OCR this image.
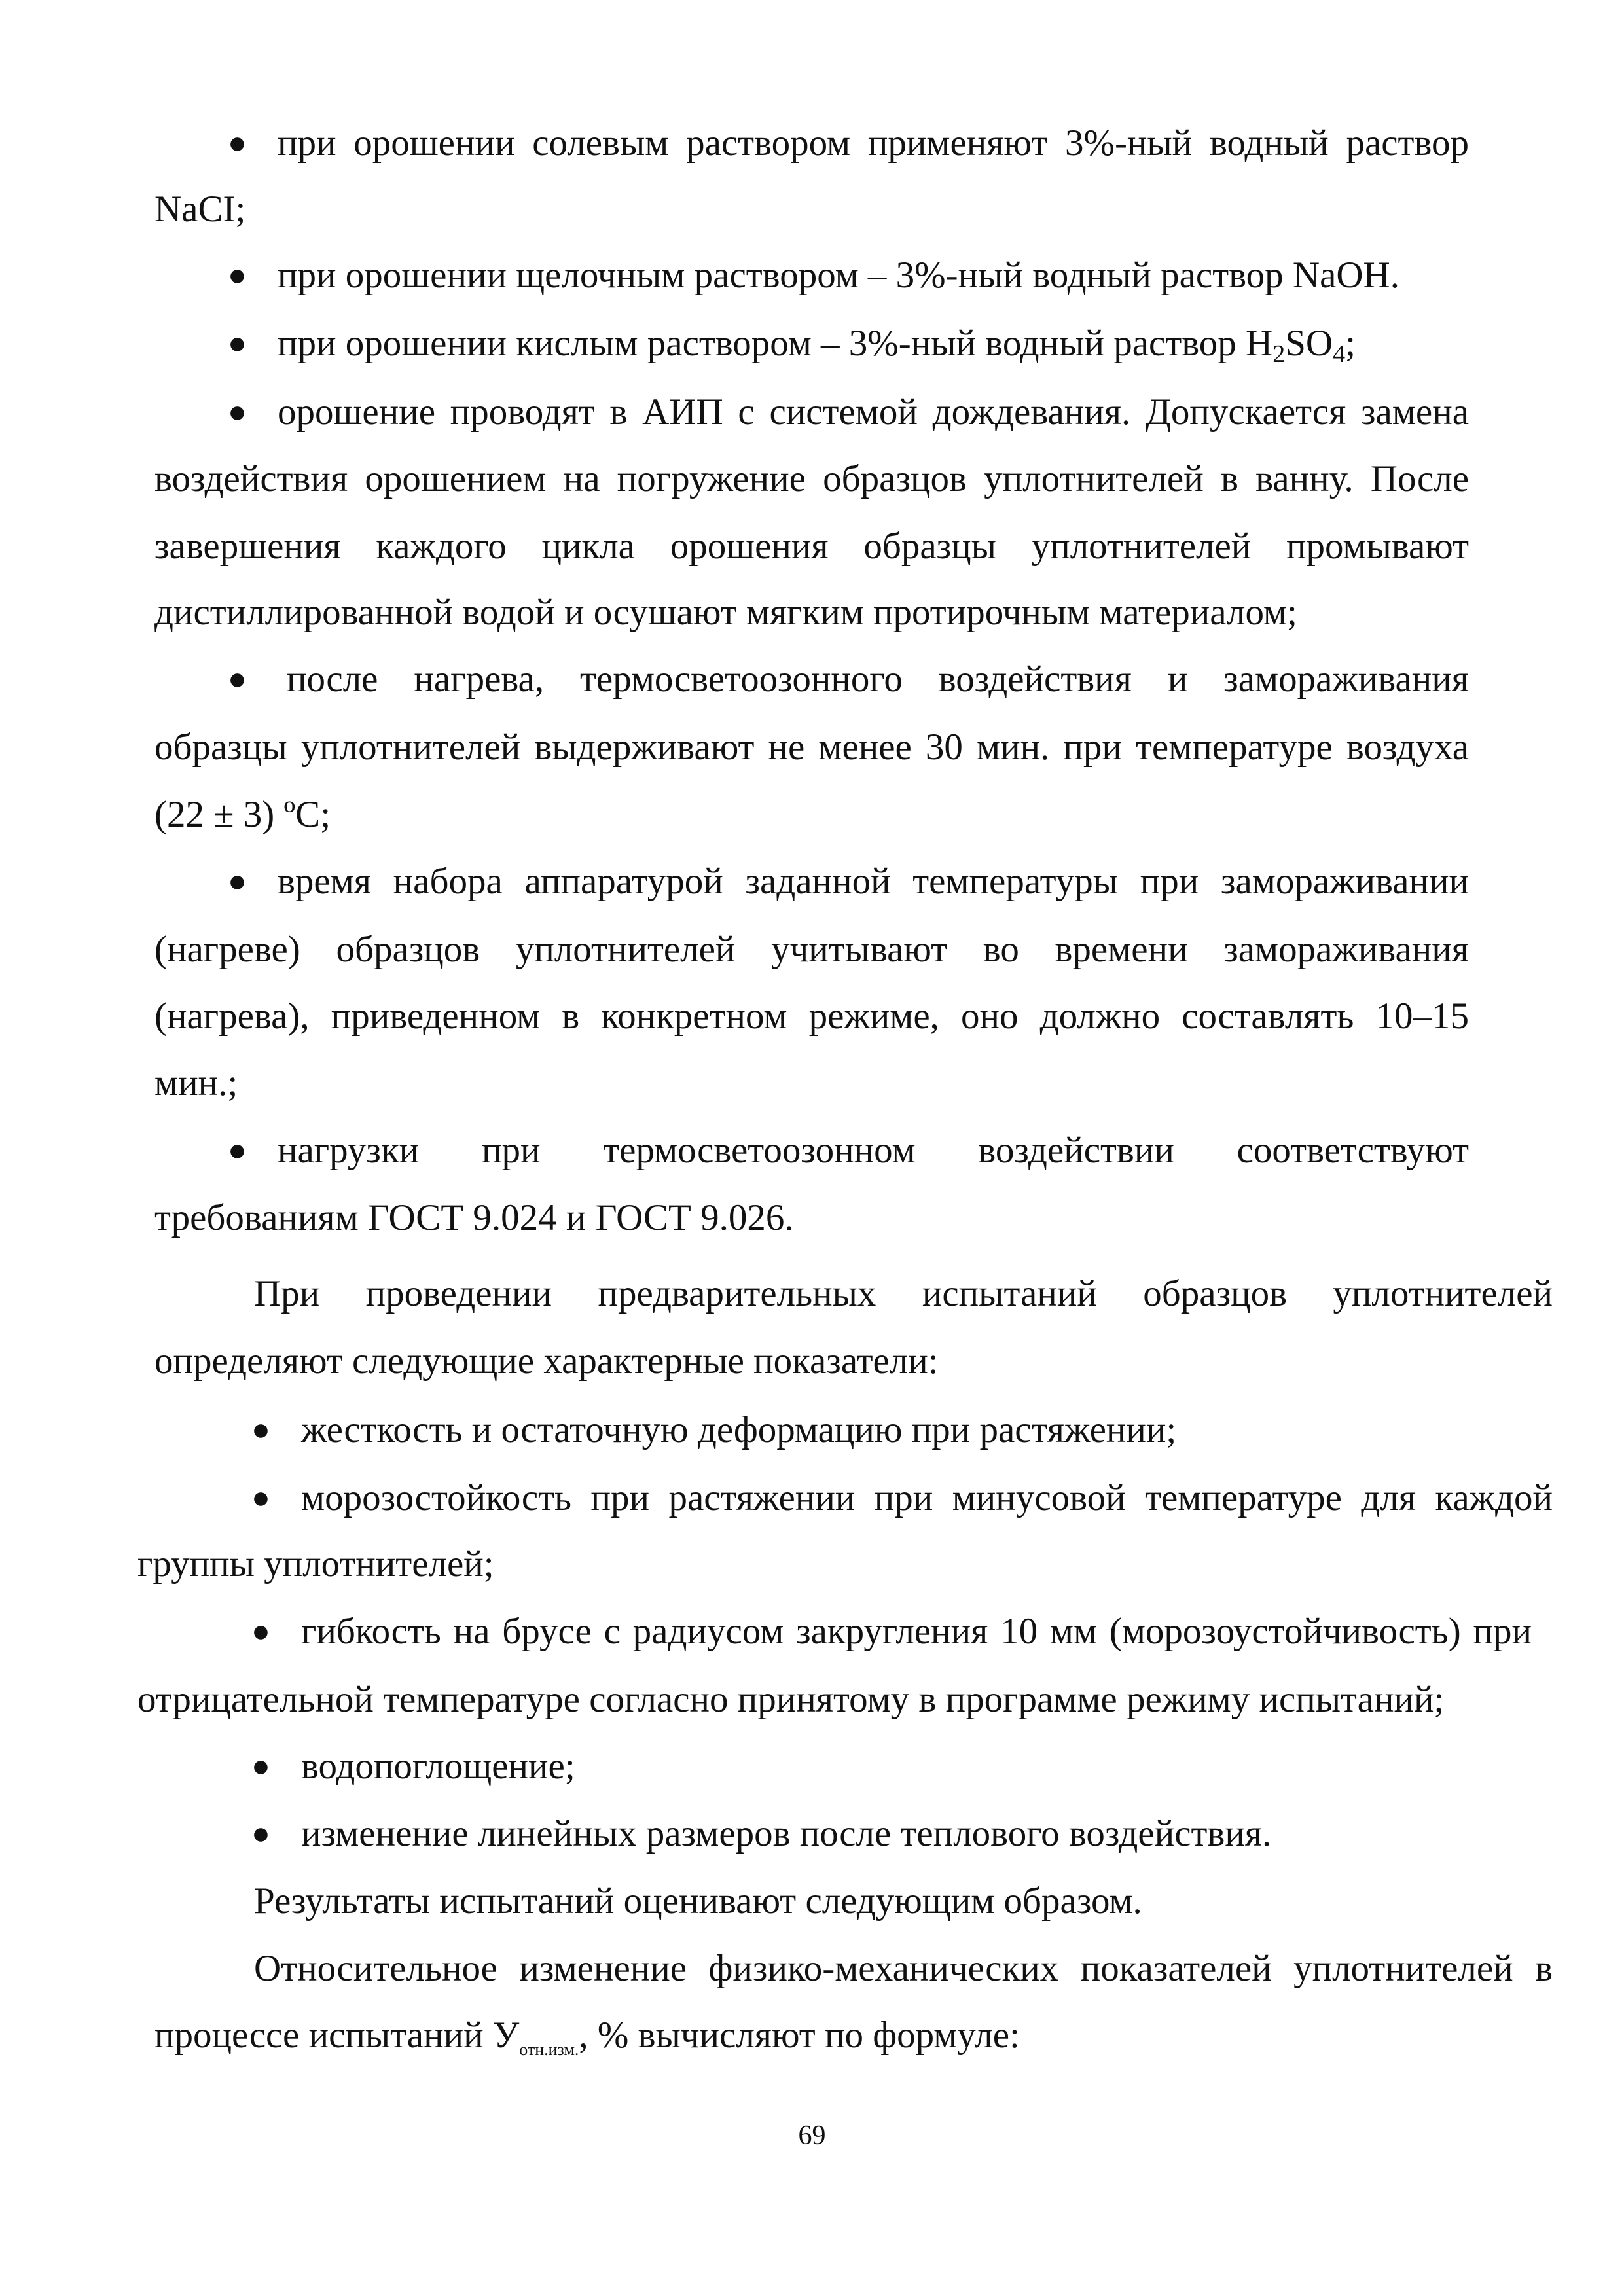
● при орошении солевым раствором применяют 3%-ный водный раствор
NaCI;
● при орошении щелочным раствором – 3%-ный водный раствор NaOH.
● при орошении кислым раствором – 3%-ный водный раствор $H_2SO_4$;
● орошение проводят в АИП с системой дождевания. Допускается замена
воздействия орошением на погружение образцов уплотнителей в ванну. После
завершения каждого цикла орошения образцы уплотнителей промывают
дистиллированной водой и осушают мягким протирочным материалом;
● после нагрева, термосветоозонного воздействия и замораживания
образцы уплотнителей выдерживают не менее 30 мин. при температуре воздуха
(22 ± 3) ºС;
● время набора аппаратурой заданной температуры при замораживании
(нагреве) образцов уплотнителей учитывают во времени замораживания
(нагрева), приведенном в конкретном режиме, оно должно составлять 10–15
мин.;
● нагрузки при термосветоозонном воздействии соответствуют
требованиям ГОСТ 9.024 и ГОСТ 9.026.
При проведении предварительных испытаний образцов уплотнителей
определяют следующие характерные показатели:
● жесткость и остаточную деформацию при растяжении;
● морозостойкость при растяжении при минусовой температуре для каждой
группы уплотнителей;
● гибкость на брусе с радиусом закругления 10 мм (морозоустойчивость) при
отрицательной температуре согласно принятому в программе режиму испытаний;
● водопоглощение;
● изменение линейных размеров после теплового воздействия.
Результаты испытаний оценивают следующим образом.
Относительное изменение физико-механических показателей уплотнителей в
процессе испытаний $У_{отн.изм.}$, % вычисляют по формуле:
69
